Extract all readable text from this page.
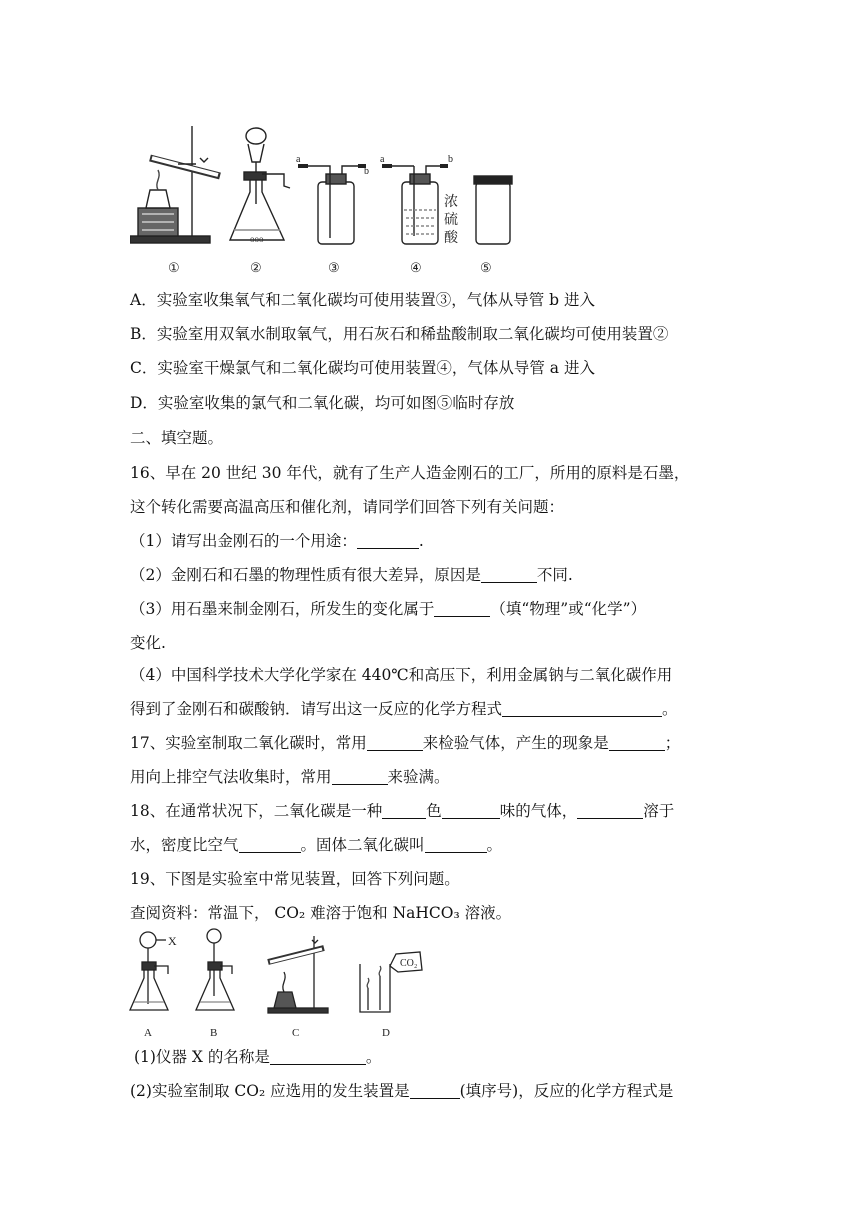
ooo
a
b
a	b
浓
硫
酸
①	②	③	④	⑤
A．实验室收集氧气和二氧化碳均可使用装置③，气体从导管 b 进入
B．实验室用双氧水制取氧气，用石灰石和稀盐酸制取二氧化碳均可使用装置②
C．实验室干燥氯气和二氧化碳均可使用装置④，气体从导管 a 进入
D．实验室收集的氯气和二氧化碳，均可如图⑤临时存放
二、填空题。
16、早在 20 世纪 30 年代，就有了生产人造金刚石的工厂，所用的原料是石墨，
这个转化需要高温高压和催化剂，请同学们回答下列有关问题：
（1）请写出金刚石的一个用途：	.
（2）金刚石和石墨的物理性质有很大差异，原因是	不同.
（3）用石墨来制金刚石，所发生的变化属于	（填“物理”或“化学”）
变化.
（4）中国科学技术大学化学家在 440℃和高压下，利用金属钠与二氧化碳作用
得到了金刚石和碳酸钠．请写出这一反应的化学方程式	。
17、实验室制取二氧化碳时，常用	来检验气体，产生的现象是	；
用向上排空气法收集时，常用	来验满。
18、在通常状况下，二氧化碳是一种	色	味的气体，	溶于
水，密度比空气	。固体二氧化碳叫	。
19、下图是实验室中常见装置，回答下列问题。
查阅资料：常温下， CO₂ 难溶于饱和 NaHCO₃ 溶液。
X
CO₂
A	B	C	D
(1)仪器 X 的名称是	。
(2)实验室制取 CO₂ 应选用的发生装置是	(填序号)，反应的化学方程式是
